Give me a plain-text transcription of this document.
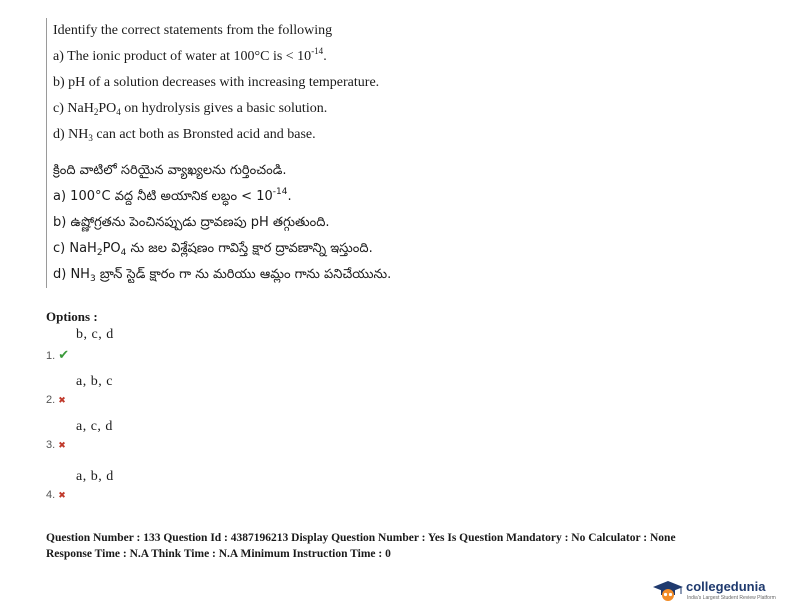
Identify the correct statements from the following
a) The ionic product of water at 100°C is < $10^{-14}$.
b) pH of a solution decreases with increasing temperature.
c) $NaH_2PO_4$ on hydrolysis gives a basic solution.
d) $NH_3$ can act both as Bronsted acid and base.
క్రింది వాటిలో సరియైన వ్యాఖ్యలను గుర్తించండి.
a) 100°C వద్ద నీటి అయానిక లబ్ధం < $10^{-14}$.
b) ఉష్ణోగ్రతను పెంచినప్పుడు ద్రావణపు pH తగ్గుతుంది.
c) $NaH_2PO_4$ ను జల విశ్లేషణం గావిస్తే క్షార ద్రావణాన్ని ఇస్తుంది.
d) $NH_3$ బ్రాన్ స్టెడ్ క్షారం గా ను మరియు ఆమ్లం గాను పనిచేయును.
Options :
b, c, d
1. ✔
a, b, c
2. ✖
a, c, d
3. ✖
a, b, d
4. ✖
Question Number : 133 Question Id : 4387196213 Display Question Number : Yes Is Question Mandatory : No Calculator : None
Response Time : N.A Think Time : N.A Minimum Instruction Time : 0
collegedunia
India's Largest Student Review Platform
